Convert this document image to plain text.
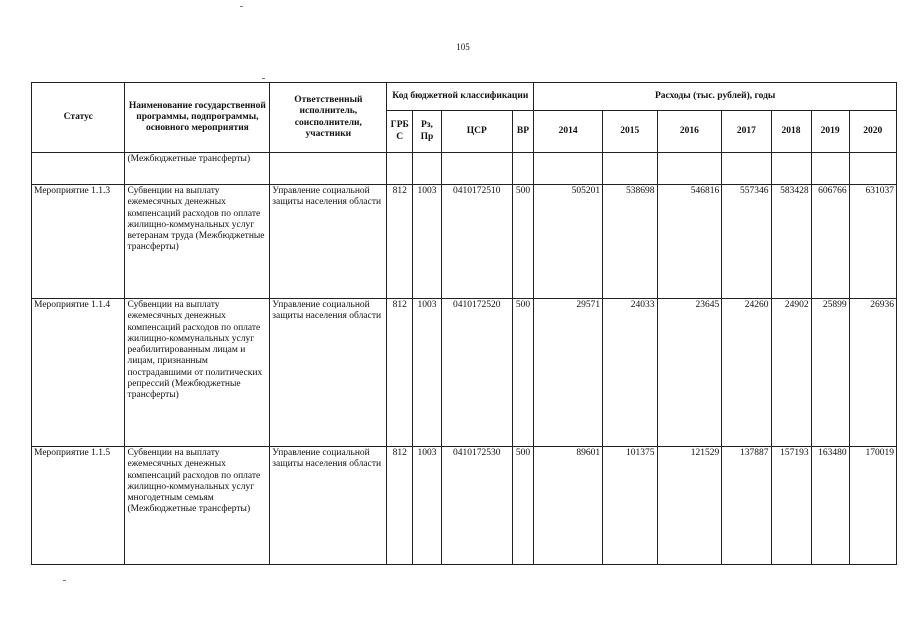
105
Статус	Наименование государственной программы, подпрограммы, основного мероприятия	Ответственный исполнитель, соисполнители, участники	Код бюджетной классификации				Расходы (тыс. рублей), годы						
			ГРБ С	Рз, Пр	ЦСР	ВР	2014	2015	2016	2017	2018	2019	2020
	(Межбюджетные трансферты)												
Мероприятие 1.1.3	Субвенции на выплату ежемесячных денежных компенсаций расходов по оплате жилищно-коммунальных услуг ветеранам труда (Межбюджетные трансферты)	Управление социальной защиты населения области	812	1003	0410172510	500	505201	538698	546816	557346	583428	606766	631037
Мероприятие 1.1.4	Субвенции на выплату ежемесячных денежных компенсаций расходов по оплате жилищно-коммунальных услуг реабилитированным лицам и лицам, признанным пострадавшими от политических репрессий (Межбюджетные трансферты)	Управление социальной защиты населения области	812	1003	0410172520	500	29571	24033	23645	24260	24902	25899	26936
Мероприятие 1.1.5	Субвенции на выплату ежемесячных денежных компенсаций расходов по оплате жилищно-коммунальных услуг многодетным семьям (Межбюджетные трансферты)	Управление социальной защиты населения области	812	1003	0410172530	500	89601	101375	121529	137887	157193	163480	170019
